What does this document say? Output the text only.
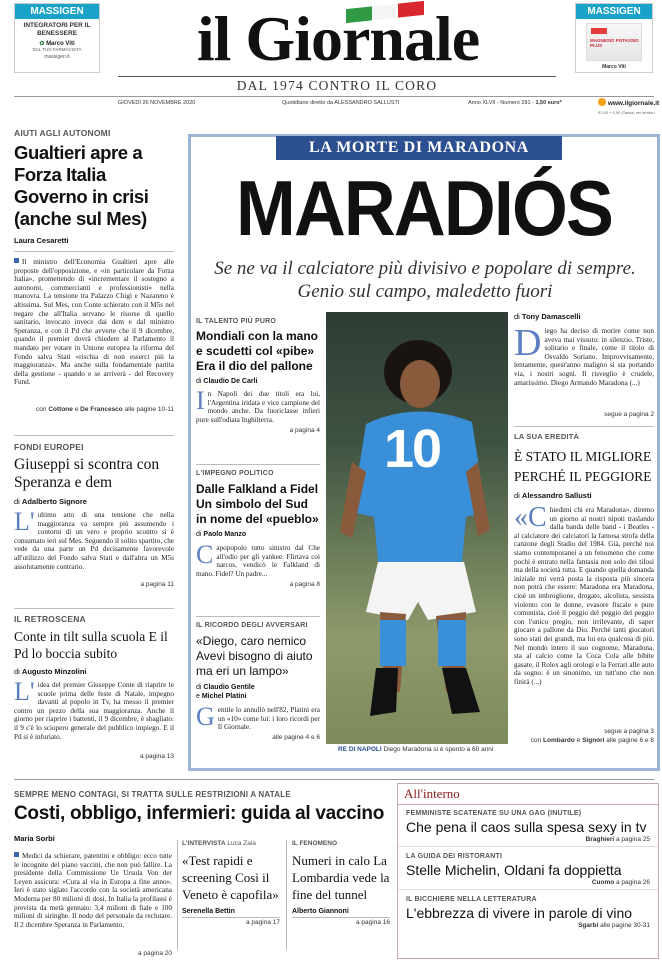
MASSIGEN
INTEGRATORI PER IL BENESSERE
✿ Marco Viti
DAL TUO FARMACISTA
massigen.it
MASSIGEN
MAGNESIO POTASSIO PLUS
Marco Viti
il Giornale
DAL 1974 CONTRO IL CORO
GIOVEDÌ 26 NOVEMBRE 2020	Quotidiano diretto da ALESSANDRO SALLUSTI	Anno XLVII - Numero 281 - 1,50 euro*	www.ilgiornale.it
€1,50 + 0,50 (Tassa) nei territori
AIUTI AGLI AUTONOMI
Gualtieri apre a Forza Italia Governo in crisi (anche sul Mes)
Laura Cesaretti
Il ministro dell'Economia Gualtieri apre alle proposte dell'opposizione, e «in particolare da Forza Italia», promettendo di «incrementare il sostegno a autonomi, commercianti e professionisti» nella manovra. La tensione tra Palazzo Chigi e Nazareno è altissima. Sul Mes, con Conte schierato con il M5s nel negare che all'Italia servano le risorse di quello sanitario, invocato invece dai dem e dal ministro Speranza, e con il Pd che avverte che il 9 dicembre, quando il premier dovrà chiedere al Parlamento il mandato per votare in Unione europea la riforma del Fondo salva Stati «rischia di non esserci più la maggioranza». Ma anche sulla fondamentale partita della gestione - quando e se arriverà - del Recovery Fund.
con Cottone e De Francesco alle pagine 10-11
FONDI EUROPEI
Giuseppi si scontra con Speranza e dem
di Adalberto Signore
L' ultimo atto di una tensione che nella maggioranza va sempre più assumendo i contorni di un vero e proprio scontro si è consumato ieri sul Mes. Seguendo il solito spartito, che vede da una parte un Pd decisamente favorevole all'utilizzo del Fondo salva Stati e dall'altra un M5s assolutamente contrario.
a pagina 11
IL RETROSCENA
Conte in tilt sulla scuola E il Pd lo boccia subito
di Augusto Minzolini
L' idea del premier Giuseppe Conte di riaprire le scuole prima delle feste di Natale, impegno davanti al popolo in Tv, ha messo il premier contro un pezzo della sua maggioranza. Anche il giorno per riaprire i battenti, il 9 dicembre, è sbagliato: il 9 c'è lo sciopero generale del pubblico impiego. E il Pd si è infuriato.
a pagina 13
LA MORTE DI MARADONA
MARADIÓS
Se ne va il calciatore più divisivo e popolare di sempre. Genio sul campo, maledetto fuori
IL TALENTO PIÙ PURO
Mondiali con la mano e scudetti col «pibe» Era il dio del pallone
di Claudio De Carli
In Napoli dei due titoli era lui, l'Argentina iridata e vice campione del mondo anche. Da fuoriclasse infieri pure sull'odiata Inghilterra.
a pagina 4
L'IMPEGNO POLITICO
Dalle Falkland a Fidel Un simbolo del Sud in nome del «pueblo»
di Paolo Manzo
Capopopolo tutto sinistro dal Che all'odio per gli yankee. Flirtava coi narcos, vendicò le Falkland di mano. Fidel? Un padre...
a pagina 8
IL RICORDO DEGLI AVVERSARI
«Diego, caro nemico Avevi bisogno di aiuto ma eri un lampo»
di Claudio Gentile
e Michel Platini
Gentile lo annullò nell'82, Platini era un «10» come lui: i loro ricordi per Il Giornale.
alle pagine 4 e 6
10
RE DI NAPOLI Diego Maradona si è spento a 60 anni
di Tony Damascelli
Diego ha deciso di morire come non aveva mai vissuto: in silenzio. Triste, solitario e finale, come il titolo di Osvaldo Soriano. Improvvisamente, lentamente, quest'anno maligno si sta portando via, i nostri sogni. Il risveglio è crudele, amarissimo. Diego Armando Maradona (...)
segue a pagina 2
LA SUA EREDITÀ
È STATO IL MIGLIORE PERCHÉ IL PEGGIORE
di Alessandro Sallusti
«Chiedimi chi era Maradona», diremo un giorno ai nostri nipoti traslando dalla banda delle band - i Beatles - al calciatore dei calciatori la famosa strofa della canzone degli Stadio del 1984. Già, perché noi siamo contemporanei a un fenomeno che come pochi è entrato nella fantasia non solo dei tifosi ma della società tutta. E quando quella domanda iniziale mi verrà posta la risposta più sincera non potrà che essere: Maradona era Maradona, cioè un imbroglione, drogato, alcolista, sessista violento con le donne, evasore fiscale e pure comunista, cioè il peggio del peggio del peggio con l'unico pregio, non irrilevante, di saper giocare a pallone da Dio. Perché tanti giocatori sono stati dei grandi, ma lui era qualcosa di più. Nel mondo intero il suo cognome, Maradona, sta al calcio come la Coca Cola alle bibite gasate, il Rolex agli orologi e la Ferrari alle auto da sogno: è un sinonimo, un tutt'uno che non finirà (...)
segue a pagina 3
con Lombardo e Signori alle pagine 6 e 8
SEMPRE MENO CONTAGI, SI TRATTA SULLE RESTRIZIONI A NATALE
Costi, obbligo, infermieri: guida al vaccino
Maria Sorbi
Medici da schierare, patentini e obbligo: ecco tutte le incognite del piano vaccini, che non può fallire. La presidente della Commissione Ue Ursula Von der Leyen assicura: «Cura al via in Europa a fine anno». Ieri è stato siglato l'accordo con la società americana Moderna per 80 milioni di dosi. In Italia la profilassi è prevista da metà gennaio: 3,4 milioni di fiale e 100 milioni di siringhe. Il nodo del personale da reclutare. Il 2 dicembre Speranza in Parlamento.
a pagina 20
L'INTERVISTA Luca Zaia
«Test rapidi e screening Così il Veneto è capofila»
Serenella Bettin
a pagina 17
IL FENOMENO
Numeri in calo La Lombardia vede la fine del tunnel
Alberto Giannoni
a pagina 16
All'interno
FEMMINISTE SCATENATE SU UNA GAG (INUTILE)
Che pena il caos sulla spesa sexy in tv
Braghieri a pagina 25
LA GUIDA DEI RISTORANTI
Stelle Michelin, Oldani fa doppietta
Cuomo a pagina 26
IL BICCHIERE NELLA LETTERATURA
L'ebbrezza di vivere in parole di vino
Sgarbi alle pagine 30-31
